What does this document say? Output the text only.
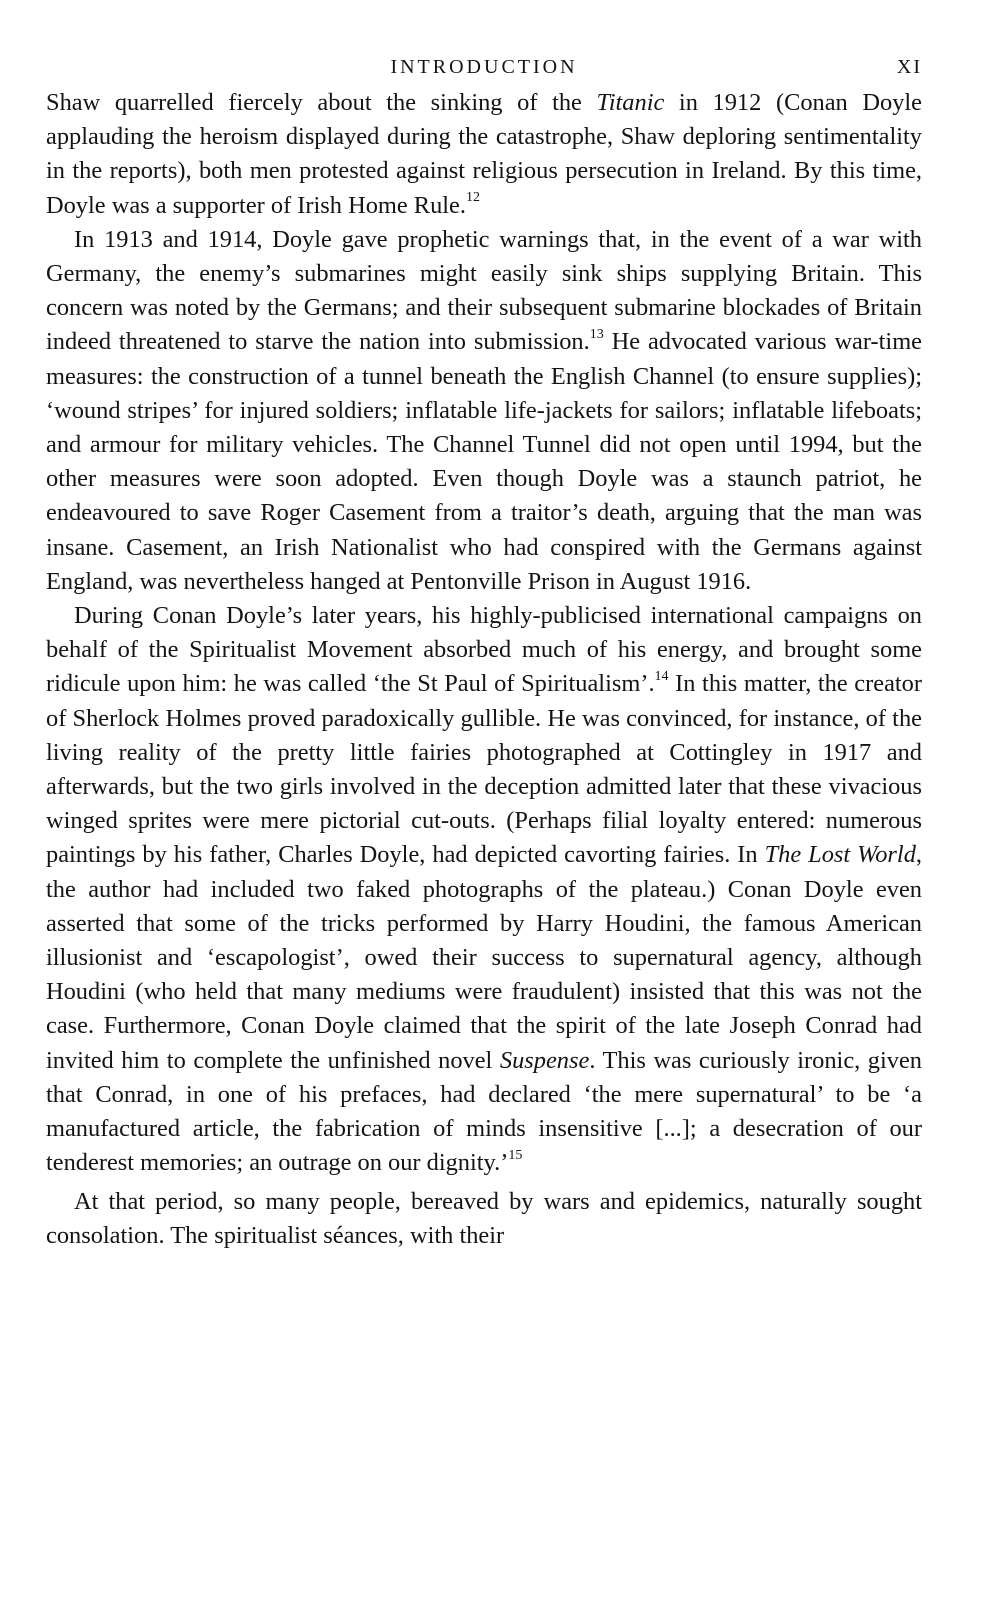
INTRODUCTION	XI

Shaw quarrelled fiercely about the sinking of the Titanic in 1912 (Conan Doyle applauding the heroism displayed during the catastrophe, Shaw deploring sentimentality in the reports), both men protested against religious persecution in Ireland. By this time, Doyle was a supporter of Irish Home Rule.$^{12}$

In 1913 and 1914, Doyle gave prophetic warnings that, in the event of a war with Germany, the enemy’s submarines might easily sink ships supplying Britain. This concern was noted by the Germans; and their subsequent submarine blockades of Britain indeed threatened to starve the nation into submission.$^{13}$ He advocated various war-time measures: the construction of a tunnel beneath the English Channel (to ensure supplies); ‘wound stripes’ for injured soldiers; inflatable life-jackets for sailors; inflatable lifeboats; and armour for military vehicles. The Channel Tunnel did not open until 1994, but the other measures were soon adopted. Even though Doyle was a staunch patriot, he endeavoured to save Roger Casement from a traitor’s death, arguing that the man was insane. Casement, an Irish Nationalist who had conspired with the Germans against England, was nevertheless hanged at Pentonville Prison in August 1916.

During Conan Doyle’s later years, his highly-publicised international campaigns on behalf of the Spiritualist Movement absorbed much of his energy, and brought some ridicule upon him: he was called ‘the St Paul of Spiritualism’.$^{14}$ In this matter, the creator of Sherlock Holmes proved paradoxically gullible. He was convinced, for instance, of the living reality of the pretty little fairies photographed at Cottingley in 1917 and afterwards, but the two girls involved in the deception admitted later that these vivacious winged sprites were mere pictorial cut-outs. (Perhaps filial loyalty entered: numerous paintings by his father, Charles Doyle, had depicted cavorting fairies. In The Lost World, the author had included two faked photographs of the plateau.) Conan Doyle even asserted that some of the tricks performed by Harry Houdini, the famous American illusionist and ‘escapologist’, owed their success to supernatural agency, although Houdini (who held that many mediums were fraudulent) insisted that this was not the case. Furthermore, Conan Doyle claimed that the spirit of the late Joseph Conrad had invited him to complete the unfinished novel Suspense. This was curiously ironic, given that Conrad, in one of his prefaces, had declared ‘the mere supernatural’ to be ‘a manufactured article, the fabrication of minds insensitive [...]; a desecration of our tenderest memories; an outrage on our dignity.’$^{15}$

At that period, so many people, bereaved by wars and epidemics, naturally sought consolation. The spiritualist séances, with their
